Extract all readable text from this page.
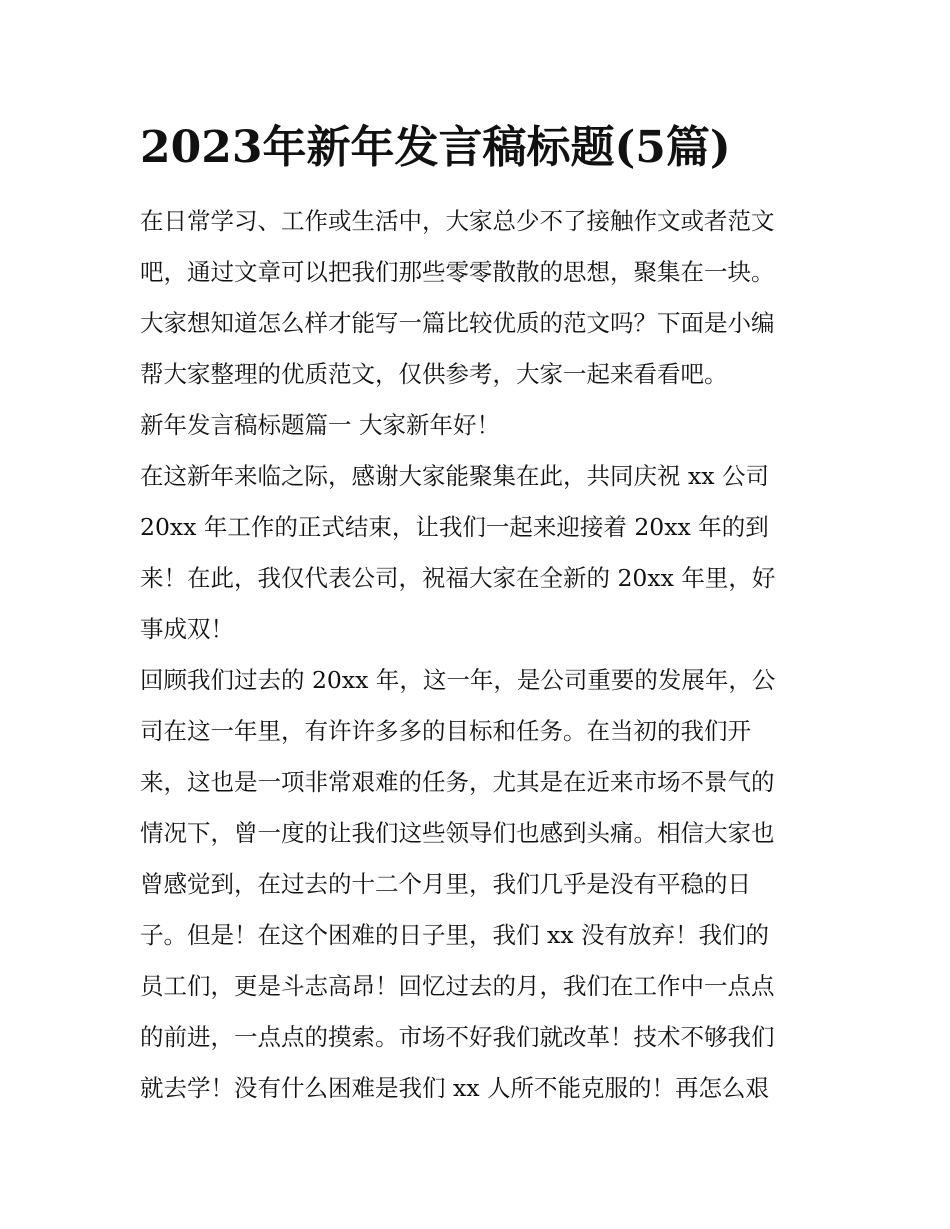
2023年新年发言稿标题(5篇)
在日常学习、工作或生活中，大家总少不了接触作文或者范文
吧，通过文章可以把我们那些零零散散的思想，聚集在一块。
大家想知道怎么样才能写一篇比较优质的范文吗？下面是小编
帮大家整理的优质范文，仅供参考，大家一起来看看吧。
新年发言稿标题篇一 大家新年好！
在这新年来临之际，感谢大家能聚集在此，共同庆祝 xx 公司
20xx 年工作的正式结束，让我们一起来迎接着 20xx 年的到
来！在此，我仅代表公司，祝福大家在全新的 20xx 年里，好
事成双！
回顾我们过去的 20xx 年，这一年，是公司重要的发展年，公
司在这一年里，有许许多多的目标和任务。在当初的我们开
来，这也是一项非常艰难的任务，尤其是在近来市场不景气的
情况下，曾一度的让我们这些领导们也感到头痛。相信大家也
曾感觉到，在过去的十二个月里，我们几乎是没有平稳的日
子。但是！在这个困难的日子里，我们 xx 没有放弃！我们的
员工们，更是斗志高昂！回忆过去的月，我们在工作中一点点
的前进，一点点的摸索。市场不好我们就改革！技术不够我们
就去学！没有什么困难是我们 xx 人所不能克服的！再怎么艰
